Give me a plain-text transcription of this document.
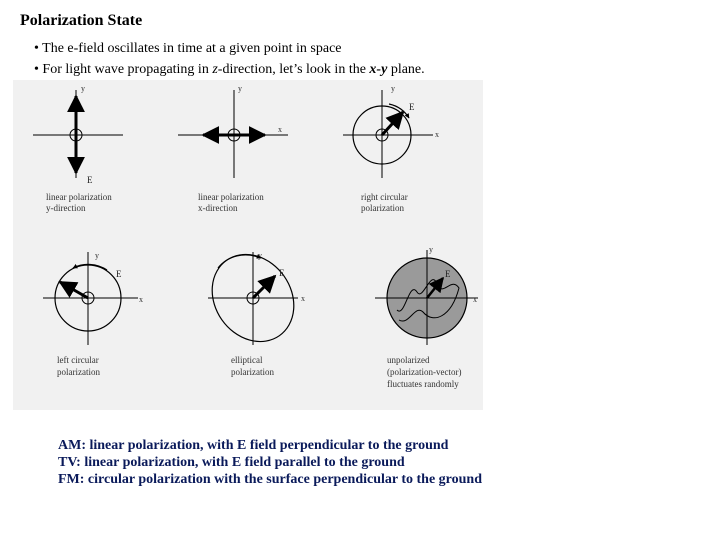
Polarization State
• The e-field oscillates in time at a given point in space
• For light wave propagating in z-direction, let’s look in the x-y plane.
y
E
linear polarization
y-direction
y
x
linear polarization
x-direction
y
x
E
right circular
polarization
y
x
E
left circular
polarization
y
x
E
elliptical
polarization
y
x
E
unpolarized
(polarization-vector)
fluctuates randomly
AM: linear polarization, with E field perpendicular to the ground
TV: linear polarization, with E field parallel to the ground
FM: circular polarization with the surface perpendicular to the ground
